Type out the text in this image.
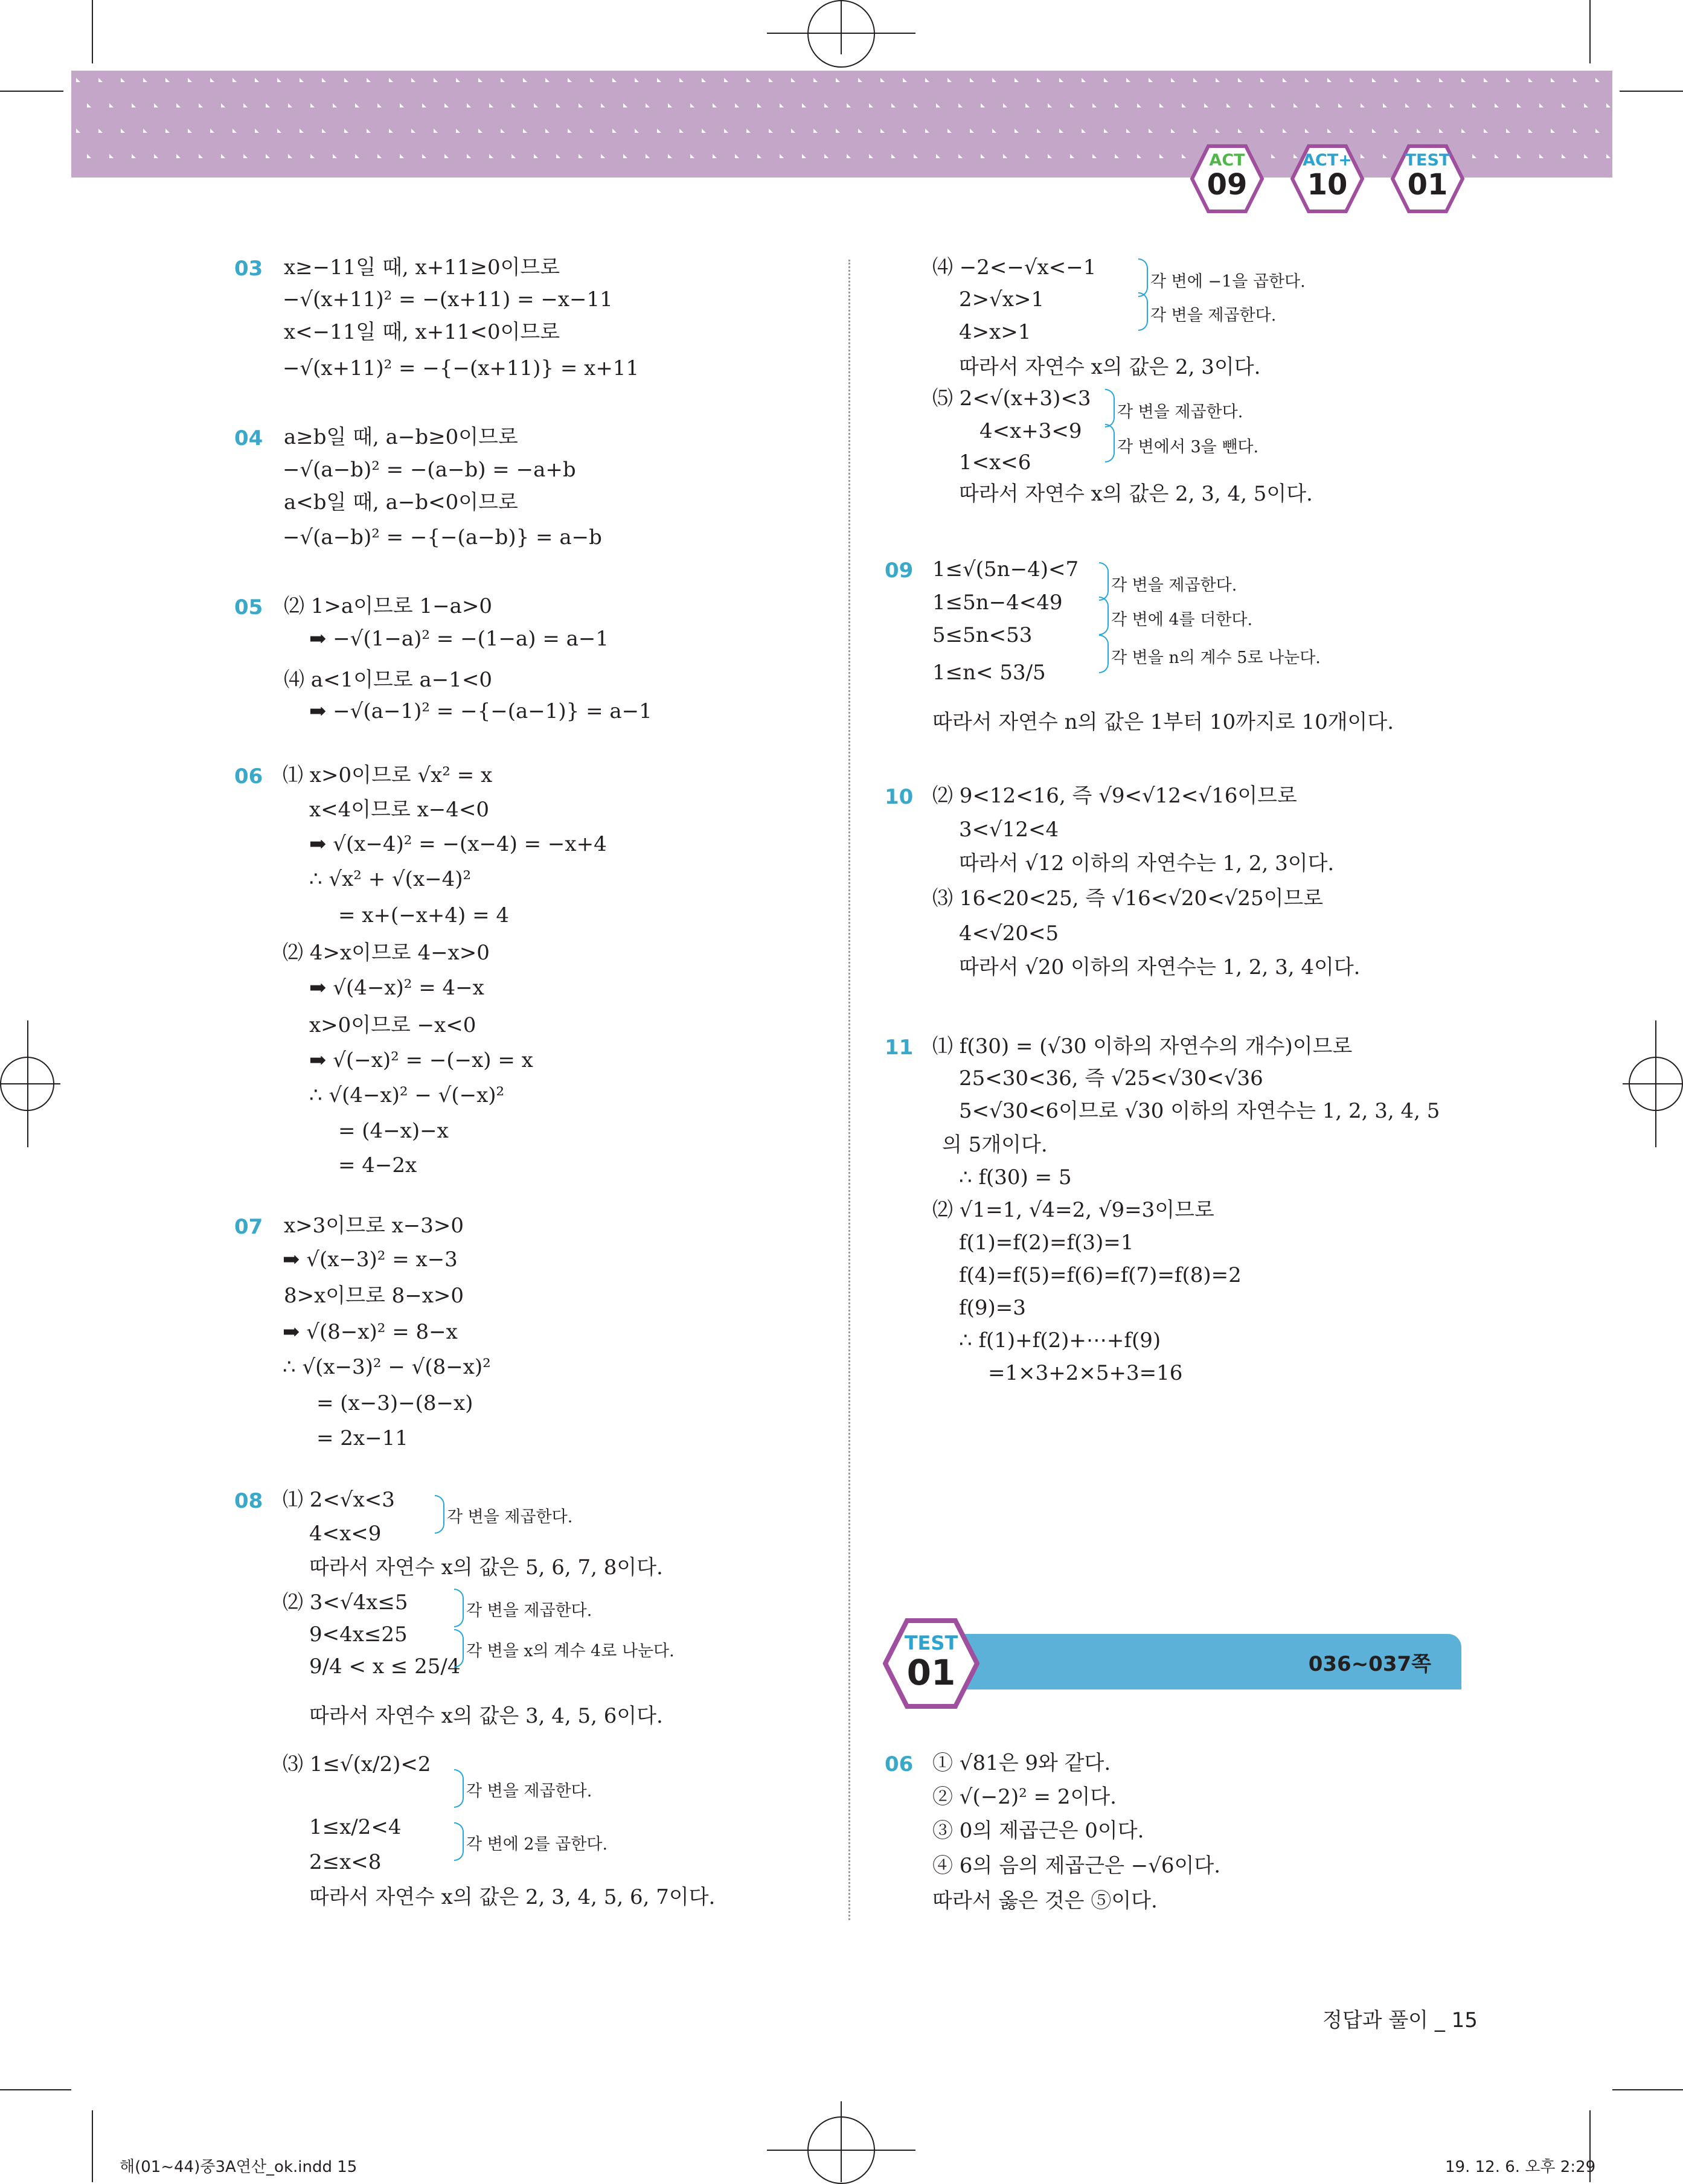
ACT
09
ACT+
10
TEST
01
03 x≥−11일 때, x+11≥0이므로
−√(x+11)² = −(x+11) = −x−11
x<−11일 때, x+11<0이므로
−√(x+11)² = −{−(x+11)} = x+11
04 a≥b일 때, a−b≥0이므로
−√(a−b)² = −(a−b) = −a+b
a<b일 때, a−b<0이므로
−√(a−b)² = −{−(a−b)} = a−b
05 ⑵ 1>a이므로 1−a>0
➡ −√(1−a)² = −(1−a) = a−1
⑷ a<1이므로 a−1<0
➡ −√(a−1)² = −{−(a−1)} = a−1
06 ⑴ x>0이므로 √x² = x
x<4이므로 x−4<0
➡ √(x−4)² = −(x−4) = −x+4
∴ √x² + √(x−4)²
= x+(−x+4) = 4
⑵ 4>x이므로 4−x>0
➡ √(4−x)² = 4−x
x>0이므로 −x<0
➡ √(−x)² = −(−x) = x
∴ √(4−x)² − √(−x)²
= (4−x)−x
= 4−2x
07 x>3이므로 x−3>0
➡ √(x−3)² = x−3
8>x이므로 8−x>0
➡ √(8−x)² = 8−x
∴ √(x−3)² − √(8−x)²
= (x−3)−(8−x)
= 2x−11
08 ⑴ 2<√x<3
4<x<9
따라서 자연수 x의 값은 5, 6, 7, 8이다.
⑵ 3<√4x≤5
9<4x≤25
9/4 < x ≤ 25/4
따라서 자연수 x의 값은 3, 4, 5, 6이다.
⑶ 1≤√(x/2)<2
1≤x/2<4
2≤x<8
따라서 자연수 x의 값은 2, 3, 4, 5, 6, 7이다.
각 변을 제곱한다.
각 변을 제곱한다.
각 변을 x의 계수 4로 나눈다.
각 변을 제곱한다.
각 변에 2를 곱한다.
⑷ −2<−√x<−1
2>√x>1
4>x>1
따라서 자연수 x의 값은 2, 3이다.
⑸ 2<√(x+3)<3
4<x+3<9
1<x<6
따라서 자연수 x의 값은 2, 3, 4, 5이다.
09 1≤√(5n−4)<7
1≤5n−4<49
5≤5n<53
1≤n< 53/5
따라서 자연수 n의 값은 1부터 10까지로 10개이다.
10 ⑵ 9<12<16, 즉 √9<√12<√16이므로
3<√12<4
따라서 √12 이하의 자연수는 1, 2, 3이다.
⑶ 16<20<25, 즉 √16<√20<√25이므로
4<√20<5
따라서 √20 이하의 자연수는 1, 2, 3, 4이다.
11 ⑴ f(30) = (√30 이하의 자연수의 개수)이므로
25<30<36, 즉 √25<√30<√36
5<√30<6이므로 √30 이하의 자연수는 1, 2, 3, 4, 5
의 5개이다.
∴ f(30) = 5
⑵ √1=1, √4=2, √9=3이므로
f(1)=f(2)=f(3)=1
f(4)=f(5)=f(6)=f(7)=f(8)=2
f(9)=3
∴ f(1)+f(2)+⋯+f(9)
=1×3+2×5+3=16
각 변에 −1을 곱한다.
각 변을 제곱한다.
각 변을 제곱한다.
각 변에서 3을 뺀다.
각 변을 제곱한다.
각 변에 4를 더한다.
각 변을 n의 계수 5로 나눈다.
06 ① √81은 9와 같다.
② √(−2)² = 2이다.
③ 0의 제곱근은 0이다.
④ 6의 음의 제곱근은 −√6이다.
따라서 옳은 것은 ⑤이다.
036~037쪽
TEST
01
정답과 풀이 _ 15
해(01~44)중3A연산_ok.indd 15	19. 12. 6. 오후 2:29
